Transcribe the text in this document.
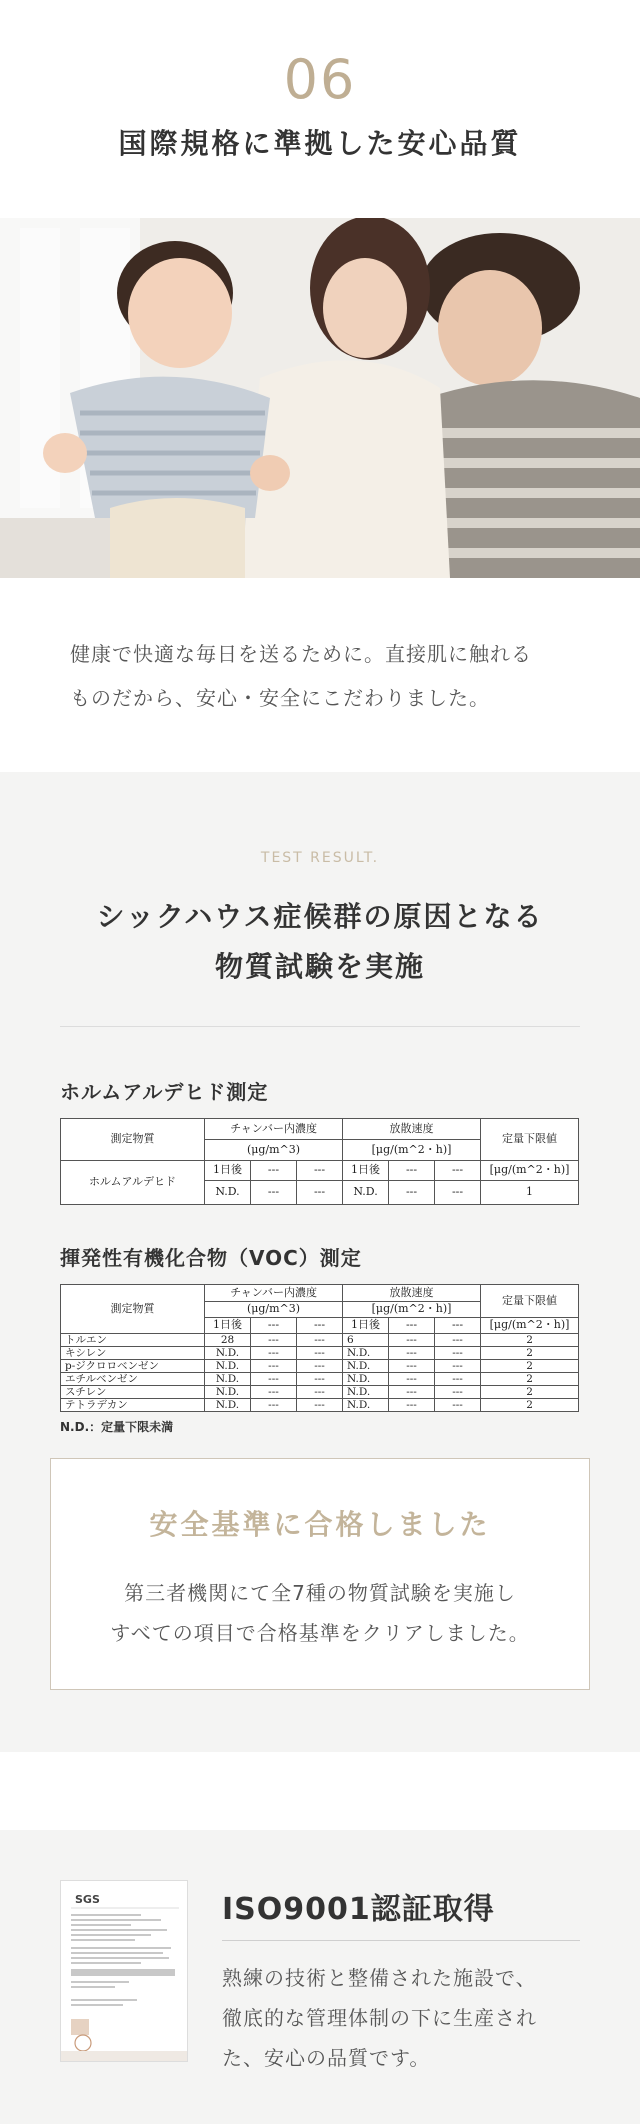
06
国際規格に準拠した安心品質

健康で快適な毎日を送るために。直接肌に触れる
ものだから、安心・安全にこだわりました。

TEST RESULT.
シックハウス症候群の原因となる
物質試験を実施
ホルムアルデヒド測定
測定物質	チャンバー内濃度			放散速度			定量下限値
	(μg/m^3)			[μg/(m^2・h)]			
ホルムアルデヒド	1日後	---	---	1日後	---	---	[μg/(m^2・h)]
	N.D.	---	---	N.D.	---	---	1
揮発性有機化合物（VOC）測定
測定物質	チャンバー内濃度			放散速度			定量下限値
	(μg/m^3)			[μg/(m^2・h)]			
	1日後	---	---	1日後	---	---	[μg/(m^2・h)]
トルエン	28	---	---	6	---	---	2
キシレン	N.D.	---	---	N.D.	---	---	2
p-ジクロロベンゼン	N.D.	---	---	N.D.	---	---	2
エチルベンゼン	N.D.	---	---	N.D.	---	---	2
スチレン	N.D.	---	---	N.D.	---	---	2
テトラデカン	N.D.	---	---	N.D.	---	---	2
N.D.：定量下限未満
安全基準に合格しました
第三者機関にて全7種の物質試験を実施し
すべての項目で合格基準をクリアしました。
SGS	ISO9001認証取得

熟練の技術と整備された施設で、
徹底的な管理体制の下に生産され
た、安心の品質です。
